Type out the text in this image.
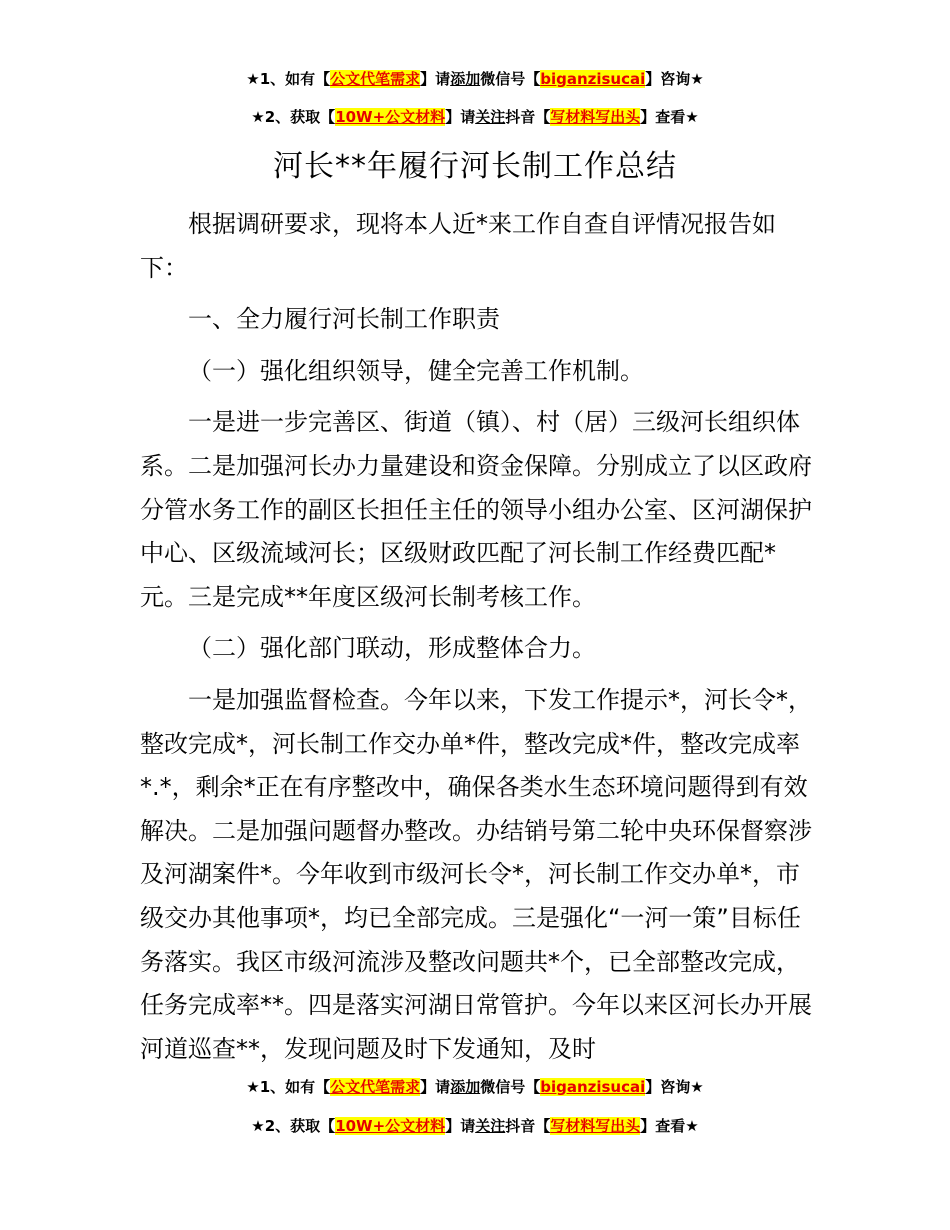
★1、如有【公文代笔需求】请添加微信号【biganzisucai】咨询★
★2、获取【10W+公文材料】请关注抖音【写材料写出头】查看★
河长**年履行河长制工作总结

根据调研要求，现将本人近*来工作自查自评情况报告如下：

一、全力履行河长制工作职责

（一）强化组织领导，健全完善工作机制。

一是进一步完善区、街道（镇）、村（居）三级河长组织体系。二是加强河长办力量建设和资金保障。分别成立了以区政府分管水务工作的副区长担任主任的领导小组办公室、区河湖保护中心、区级流域河长；区级财政匹配了河长制工作经费匹配*元。三是完成**年度区级河长制考核工作。

（二）强化部门联动，形成整体合力。

一是加强监督检查。今年以来，下发工作提示*，河长令*，整改完成*，河长制工作交办单*件，整改完成*件，整改完成率*.*，剩余*正在有序整改中，确保各类水生态环境问题得到有效解决。二是加强问题督办整改。办结销号第二轮中央环保督察涉及河湖案件*。今年收到市级河长令*，河长制工作交办单*，市级交办其他事项*，均已全部完成。三是强化“一河一策”目标任务落实。我区市级河流涉及整改问题共*个，已全部整改完成，任务完成率**。四是落实河湖日常管护。今年以来区河长办开展河道巡查**，发现问题及时下发通知，及时

★1、如有【公文代笔需求】请添加微信号【biganzisucai】咨询★
★2、获取【10W+公文材料】请关注抖音【写材料写出头】查看★
